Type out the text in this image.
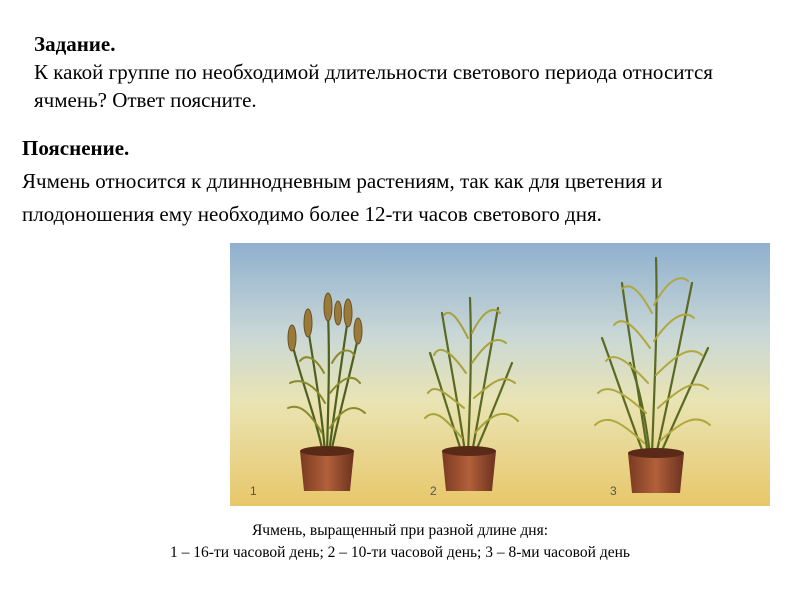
Задание.
К какой группе по необходимой длительности светового периода относится ячмень? Ответ поясните.
Пояснение.
Ячмень относится к длиннодневным растениям, так как для цветения и плодоношения ему необходимо более 12-ти часов светового дня.
1	2	3
Ячмень, выращенный при разной длине дня:
1 – 16-ти часовой день; 2 – 10-ти часовой день; 3 – 8-ми часовой день
